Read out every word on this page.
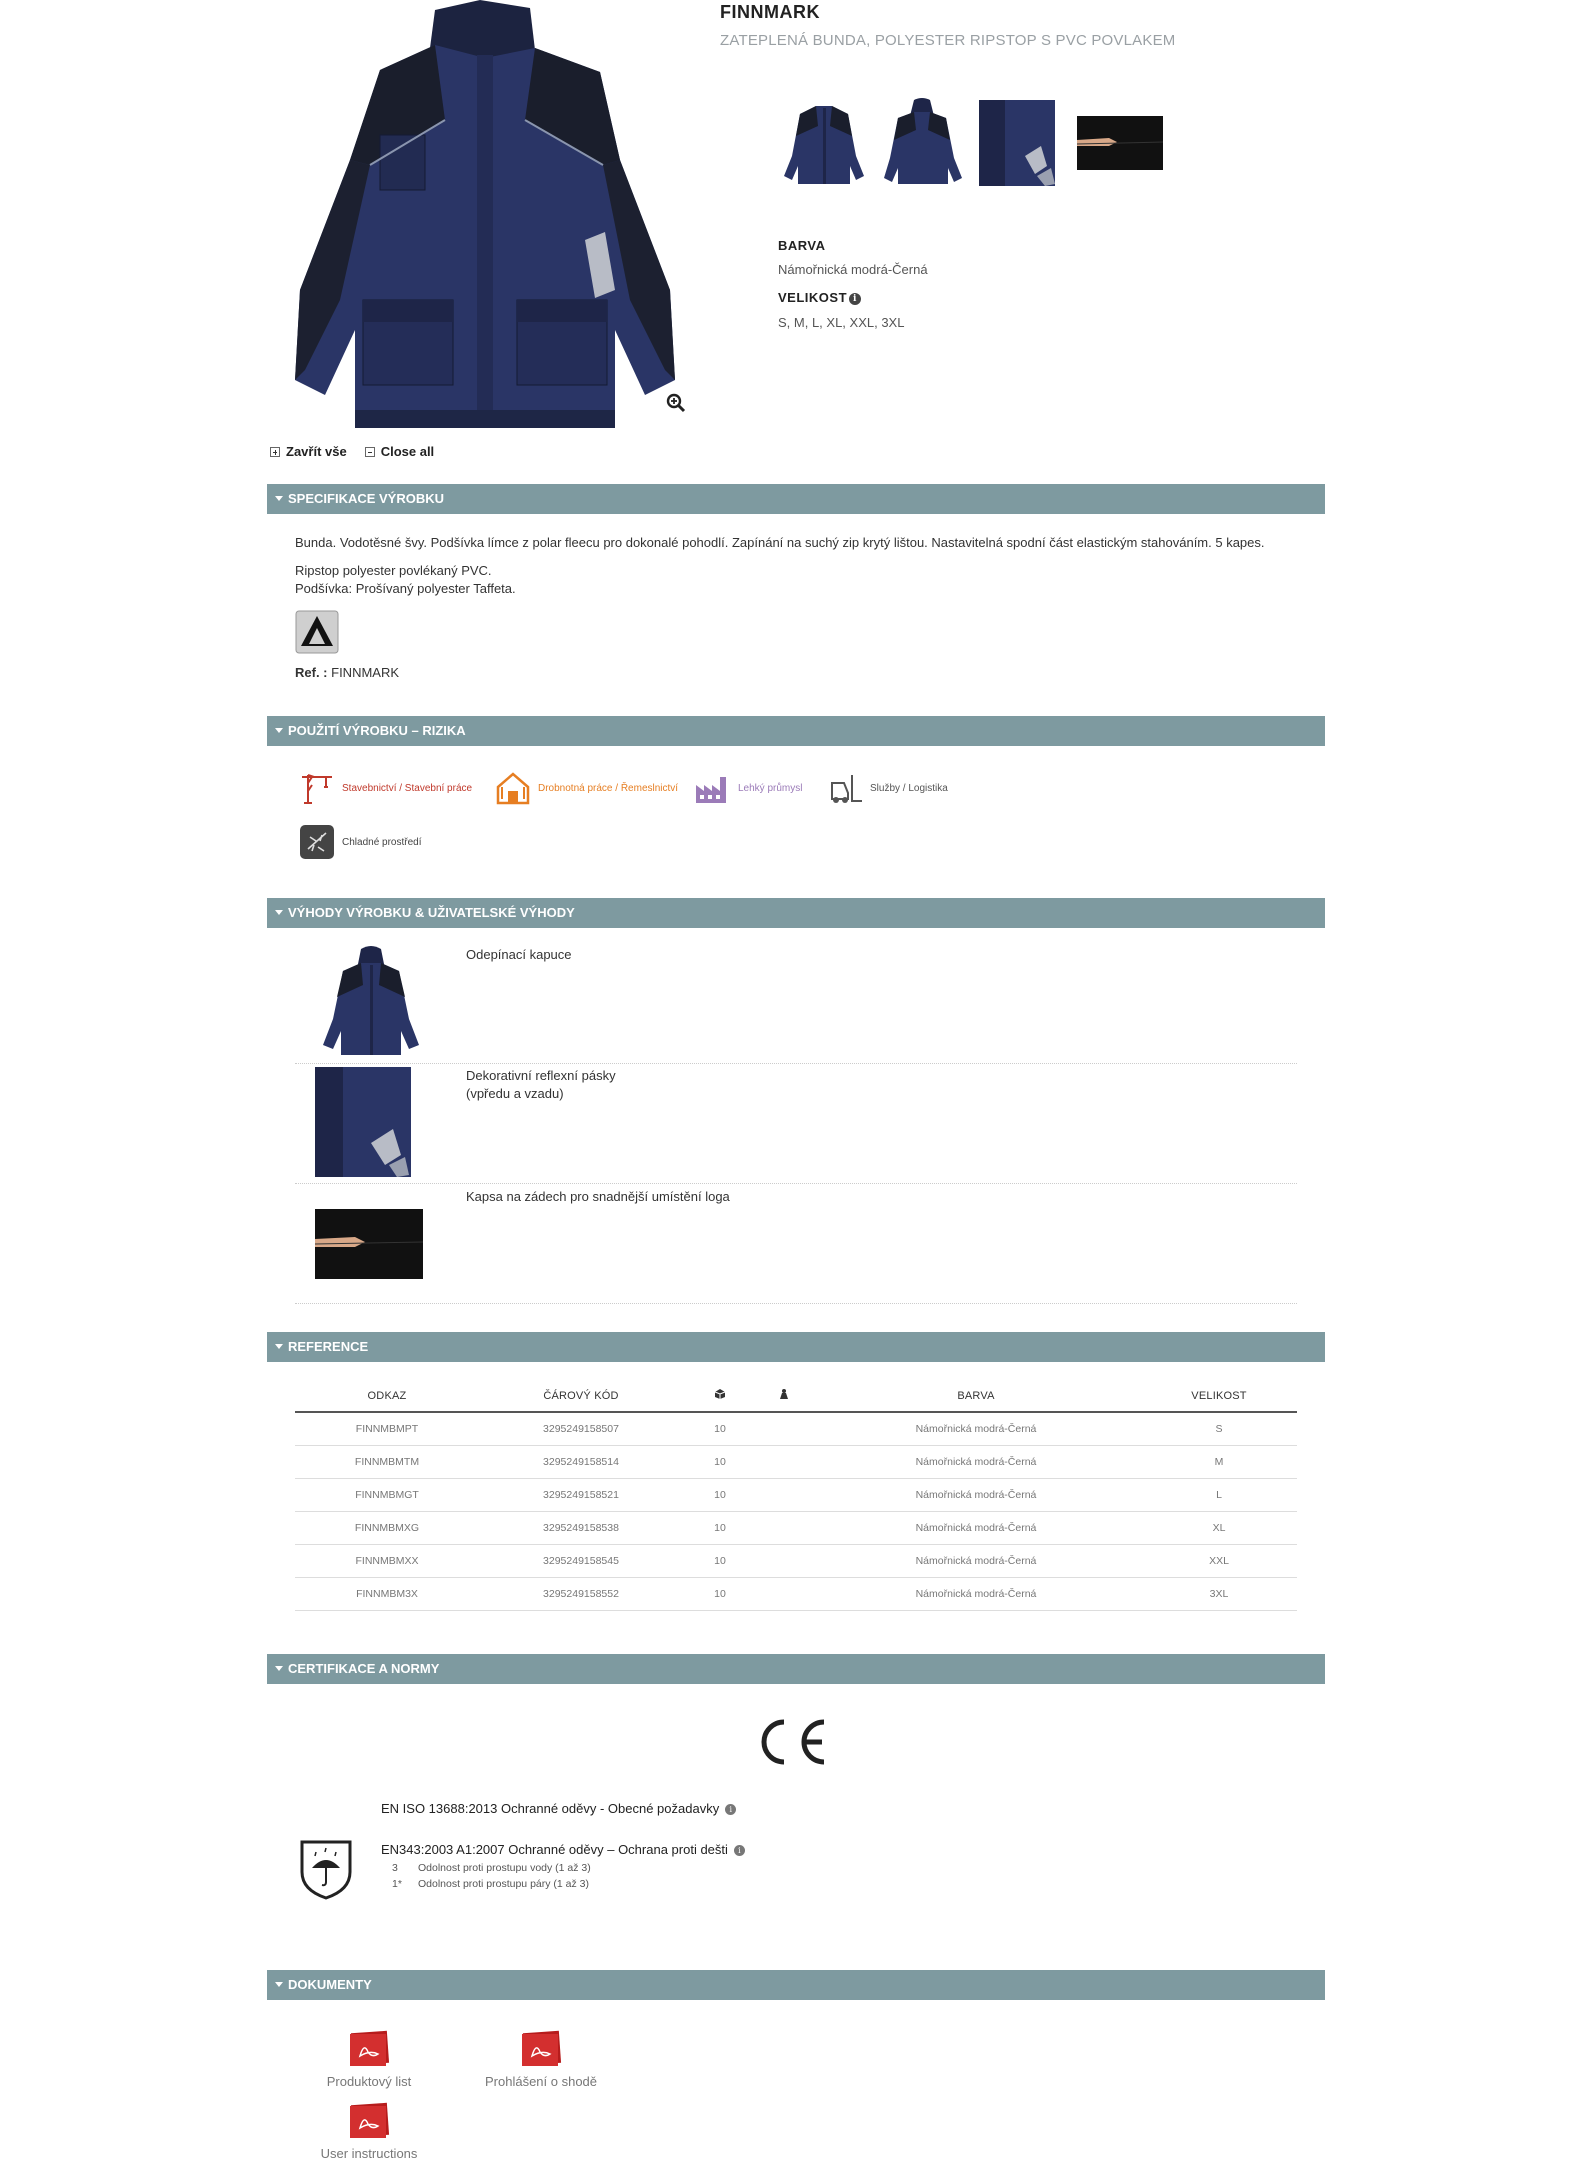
FINNMARK
ZATEPLENÁ BUNDA, POLYESTER RIPSTOP S PVC POVLAKEM
BARVA
Námořnická modrá-Černá
VELIKOST i
S, M, L, XL, XXL, 3XL
Zavřít vše	Close all
SPECIFIKACE VÝROBKU
Bunda. Vodotěsné švy. Podšívka límce z polar fleecu pro dokonalé pohodlí. Zapínání na suchý zip krytý lištou. Nastavitelná spodní část elastickým stahováním. 5 kapes.
Ripstop polyester povlékaný PVC.
Podšívka: Prošívaný polyester Taffeta.
Ref. : FINNMARK
POUŽITÍ VÝROBKU – RIZIKA
Stavebnictví / Stavební práce	Drobnotná práce / Řemeslnictví	Lehký průmysl	Služby / Logistika
Chladné prostředí
VÝHODY VÝROBKU & UŽIVATELSKÉ VÝHODY
Odepínací kapuce
Dekorativní reflexní pásky
(vpředu a vzadu)
Kapsa na zádech pro snadnější umístění loga
REFERENCE
ODKAZ	ČÁROVÝ KÓD			BARVA	VELIKOST
FINNMBMPT	3295249158507	10		Námořnická modrá-Černá	S
FINNMBMTM	3295249158514	10		Námořnická modrá-Černá	M
FINNMBMGT	3295249158521	10		Námořnická modrá-Černá	L
FINNMBMXG	3295249158538	10		Námořnická modrá-Černá	XL
FINNMBMXX	3295249158545	10		Námořnická modrá-Černá	XXL
FINNMBM3X	3295249158552	10		Námořnická modrá-Černá	3XL
CERTIFIKACE A NORMY
EN ISO 13688:2013 Ochranné oděvy - Obecné požadavky i
EN343:2003 A1:2007 Ochranné oděvy – Ochrana proti dešti i
3 Odolnost proti prostupu vody (1 až 3)
1* Odolnost proti prostupu páry (1 až 3)
DOKUMENTY
Produktový list	Prohlášení o shodě
User instructions
